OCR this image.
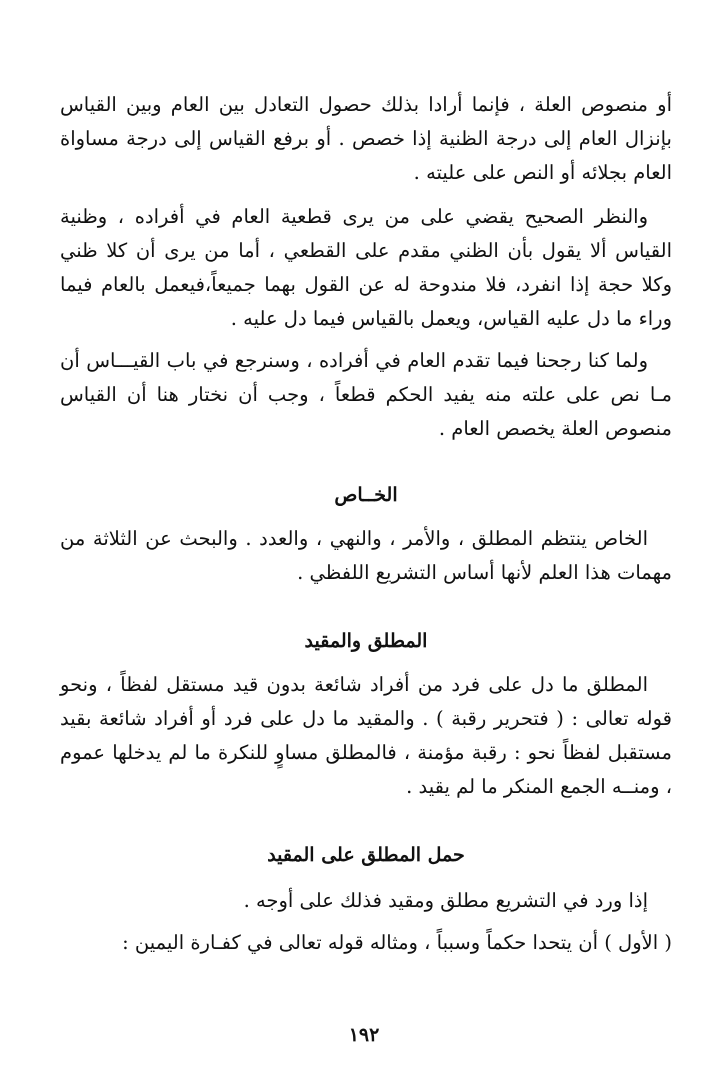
أو منصوص العلة ، فإنما أرادا بذلك حصول التعادل بين العام وبين القياس بإنزال العام إلى درجة الظنية إذا خصص . أو برفع القياس إلى درجة مساواة العام بجلائه أو النص على عليته .

والنظر الصحيح يقضي على من يرى قطعية العام في أفراده ، وظنية القياس ألا يقول بأن الظني مقدم على القطعي ، أما من يرى أن كلا ظني وكلا حجة إذا انفرد، فلا مندوحة له عن القول بهما جميعاً،فيعمل بالعام فيما وراء ما دل عليه القياس، ويعمل بالقياس فيما دل عليه .

ولما كنا رجحنا فيما تقدم العام في أفراده ، وسنرجع في باب القيـــاس أن مـا نص على علته منه يفيد الحكم قطعاً ، وجب أن نختار هنا أن القياس منصوص العلة يخصص العام .

الخــاص

الخاص ينتظم المطلق ، والأمر ، والنهي ، والعدد . والبحث عن الثلاثة من مهمات هذا العلم لأنها أساس التشريع اللفظي .

المطلق والمقيد

المطلق ما دل على فرد من أفراد شائعة بدون قيد مستقل لفظاً ، ونحو قوله تعالى : ( فتحرير رقبة ) . والمقيد ما دل على فرد أو أفراد شائعة بقيد مستقبل لفظاً نحو : رقبة مؤمنة ، فالمطلق مساوٍ للنكرة ما لم يدخلها عموم ، ومنــه الجمع المنكر ما لم يقيد .

حمل المطلق على المقيد

إذا ورد في التشريع مطلق ومقيد فذلك على أوجه .

( الأول ) أن يتحدا حكماً وسبباً ، ومثاله قوله تعالى في كفـارة اليمين :

١٩٢
